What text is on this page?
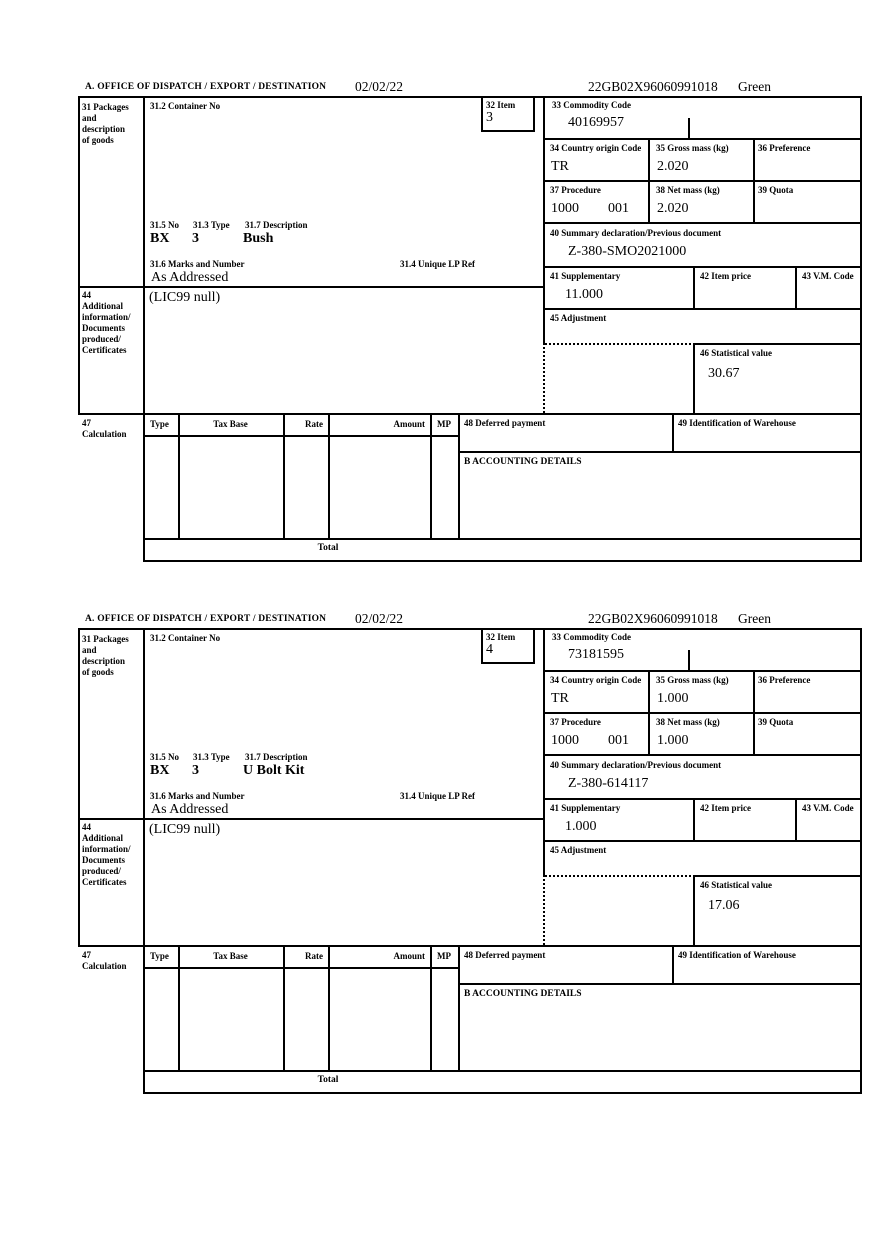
A. OFFICE OF DISPATCH / EXPORT / DESTINATION 02/02/22	22GB02X96060991018 Green
31 Packages
and
description
of goods
31.2 Container No	32 Item
3
33 Commodity Code
40169957
34 Country origin Code
TR
35 Gross mass (kg)
2.020
36 Preference
37 Procedure
1000 001
38 Net mass (kg)
2.020
39 Quota
40 Summary declaration/Previous document
Z-380-SMO2021000
41 Supplementary
11.000
42 Item price	43 V.M. Code
45 Adjustment
46 Statistical value
30.67
31.5 No 31.3 Type 31.7 Description
BX 3	Bush
31.6 Marks and Number	31.4 Unique LP Ref
As Addressed
44
Additional
information/
Documents
produced/
Certificates
(LIC99 null)
47
Calculation
Type	Tax Base	Rate	Amount	MP	48 Deferred payment	49 Identification of Warehouse
B ACCOUNTING DETAILS
Total
A. OFFICE OF DISPATCH / EXPORT / DESTINATION 02/02/22	22GB02X96060991018 Green
31 Packages
and
description
of goods
31.2 Container No	32 Item
4
33 Commodity Code
73181595
34 Country origin Code
TR
35 Gross mass (kg)
1.000
36 Preference
37 Procedure
1000 001
38 Net mass (kg)
1.000
39 Quota
40 Summary declaration/Previous document
Z-380-614117
41 Supplementary
1.000
42 Item price	43 V.M. Code
45 Adjustment
46 Statistical value
17.06
31.5 No 31.3 Type 31.7 Description
BX 3	U Bolt Kit
31.6 Marks and Number	31.4 Unique LP Ref
As Addressed
44
Additional
information/
Documents
produced/
Certificates
(LIC99 null)
47
Calculation
Type	Tax Base	Rate	Amount	MP	48 Deferred payment	49 Identification of Warehouse
B ACCOUNTING DETAILS
Total
